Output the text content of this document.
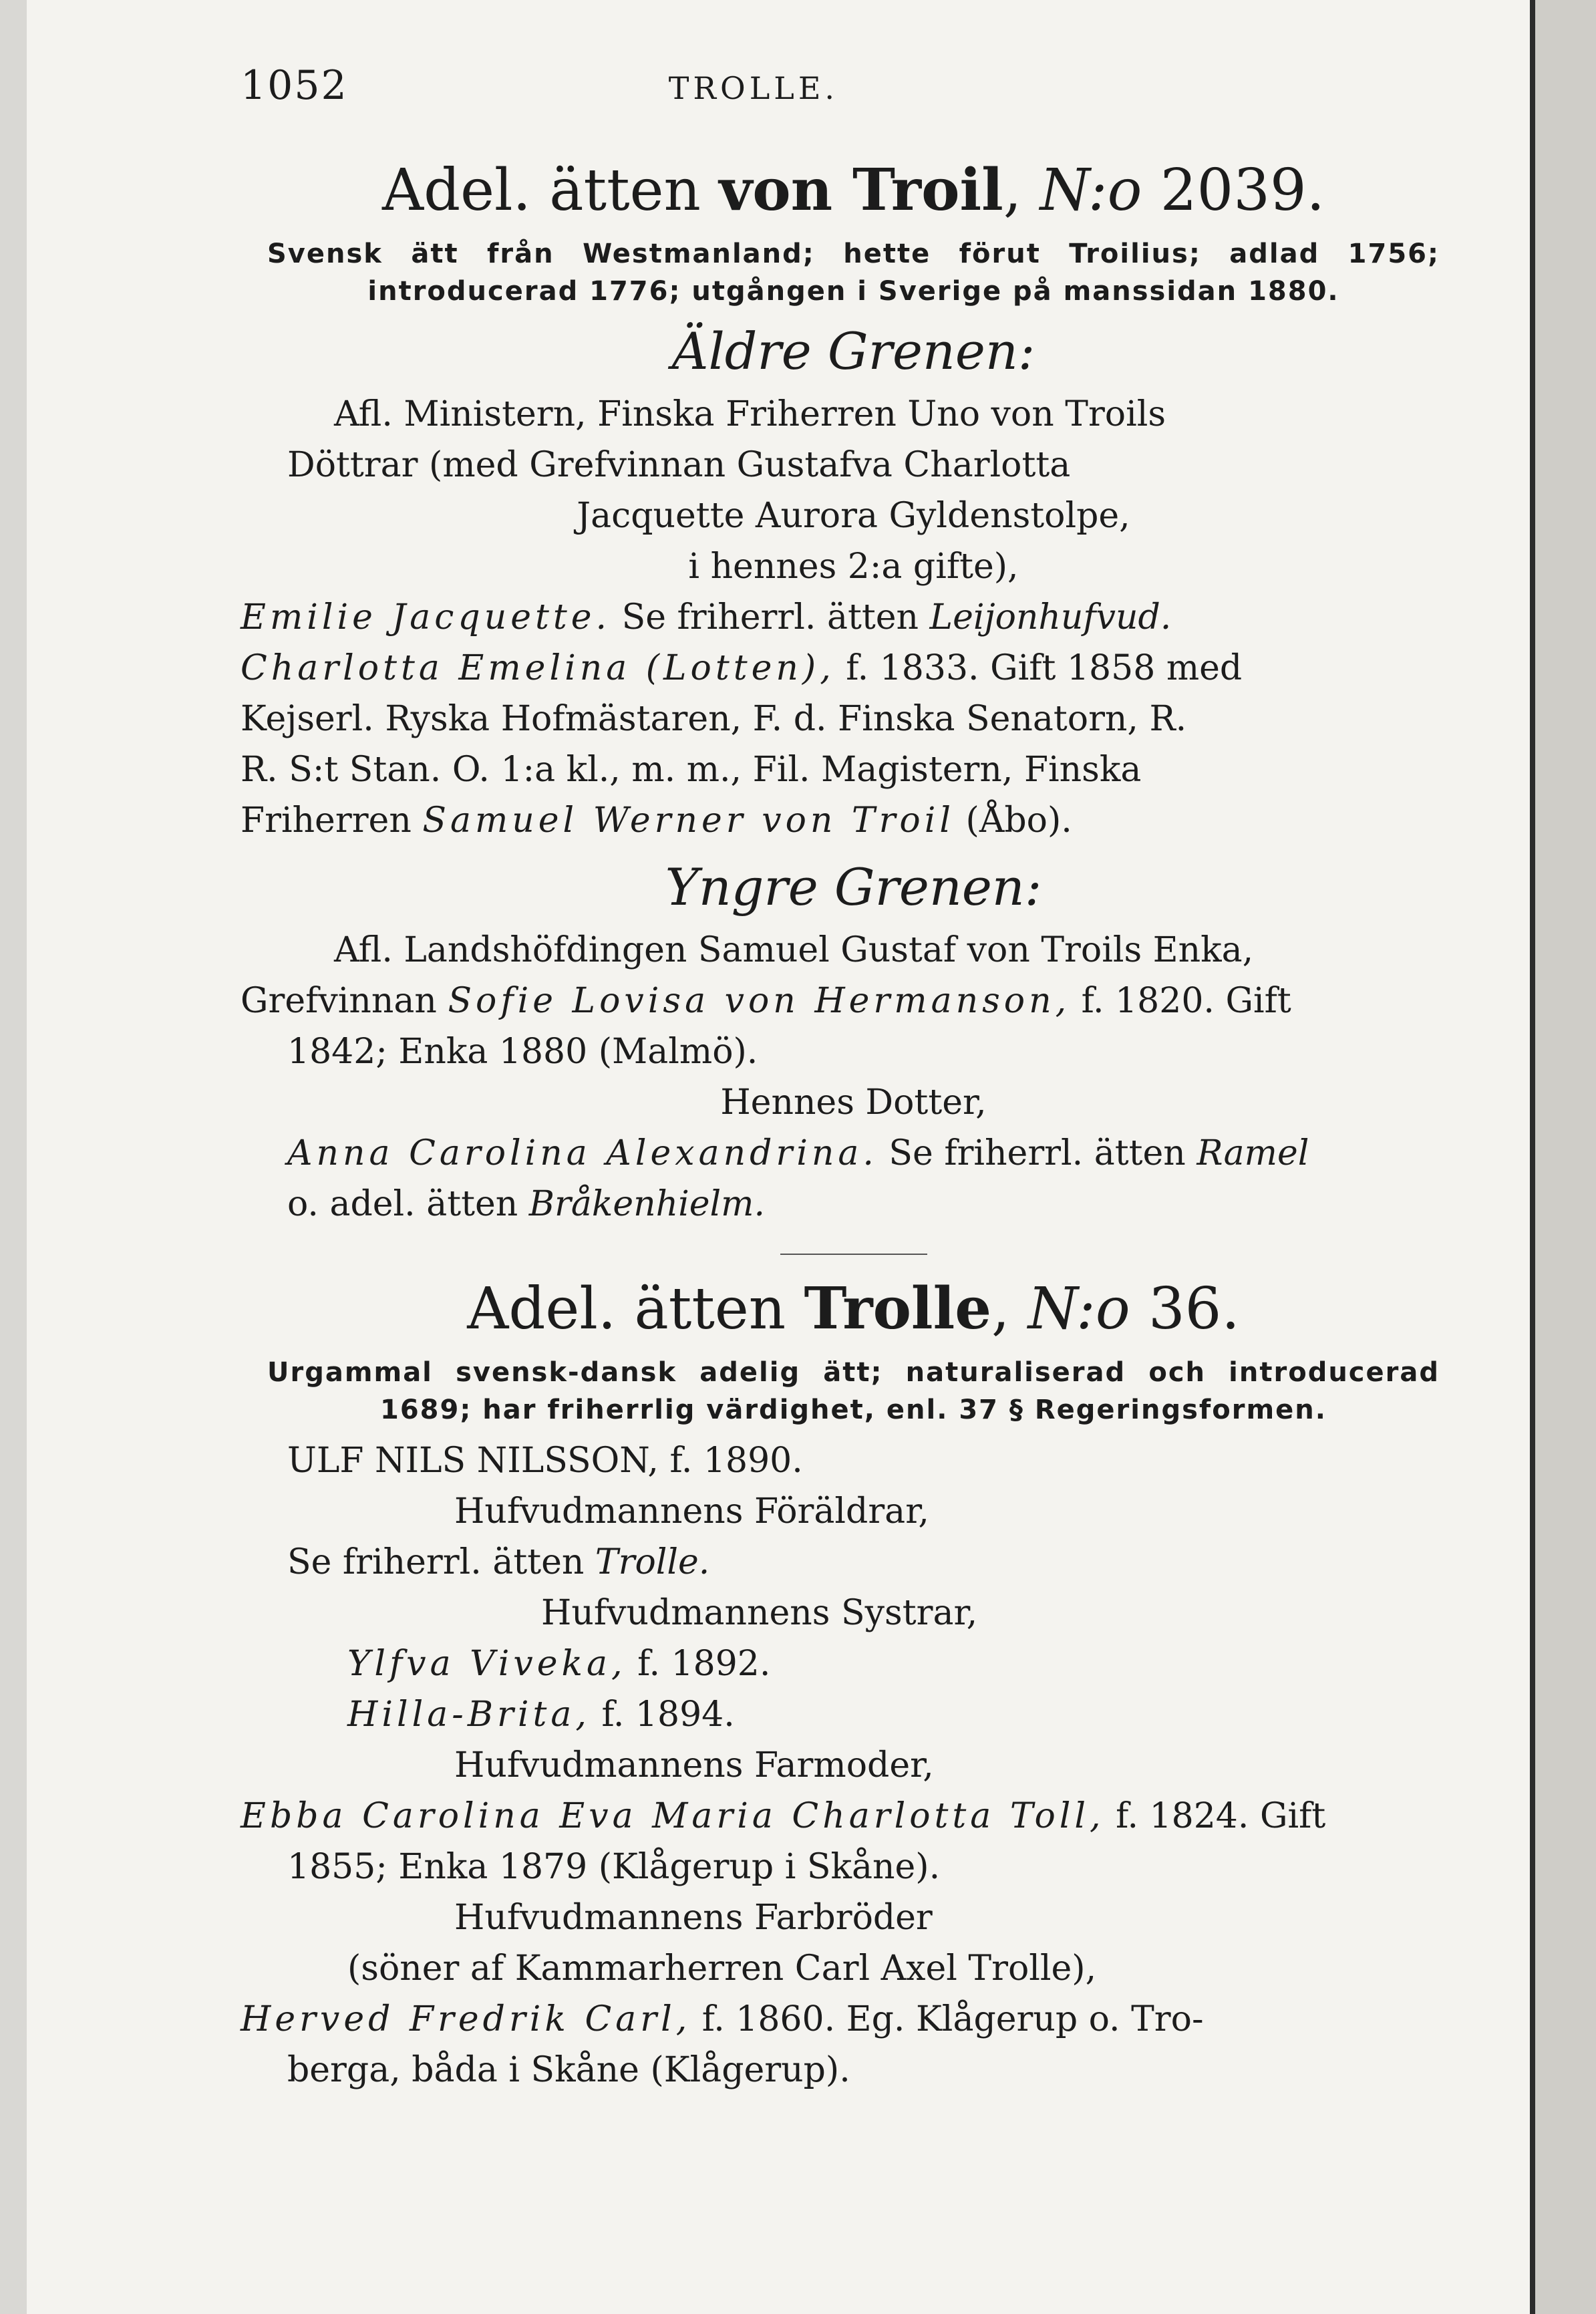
1052	TROLLE.
Adel. ätten von Troil, N:o 2039.
Svensk ätt från Westmanland; hette förut Troilius; adlad 1756; introducerad 1776; utgången i Sverige på manssidan 1880.
Äldre Grenen:
Afl. Ministern, Finska Friherren Uno von Troils
Döttrar (med Grefvinnan Gustafva Charlotta
Jacquette Aurora Gyldenstolpe,
i hennes 2:a gifte),
Emilie Jacquette. Se friherrl. ätten Leijonhufvud.
Charlotta Emelina (Lotten), f. 1833. Gift 1858 med
Kejserl. Ryska Hofmästaren, F. d. Finska Senatorn, R.
R. S:t Stan. O. 1:a kl., m. m., Fil. Magistern, Finska
Friherren Samuel Werner von Troil (Åbo).
Yngre Grenen:
Afl. Landshöfdingen Samuel Gustaf von Troils Enka,
Grefvinnan Sofie Lovisa von Hermanson, f. 1820. Gift
1842; Enka 1880 (Malmö).
Hennes Dotter,
Anna Carolina Alexandrina. Se friherrl. ätten Ramel
o. adel. ätten Bråkenhielm.
Adel. ätten Trolle, N:o 36.
Urgammal svensk-dansk adelig ätt; naturaliserad och introducerad 1689; har friherrlig värdighet, enl. 37 § Regeringsformen.
ULF NILS NILSSON, f. 1890.
Hufvudmannens Föräldrar,
Se friherrl. ätten Trolle.
Hufvudmannens Systrar,
Ylfva Viveka, f. 1892.
Hilla-Brita, f. 1894.
Hufvudmannens Farmoder,
Ebba Carolina Eva Maria Charlotta Toll, f. 1824. Gift
1855; Enka 1879 (Klågerup i Skåne).
Hufvudmannens Farbröder
(söner af Kammarherren Carl Axel Trolle),
Herved Fredrik Carl, f. 1860. Eg. Klågerup o. Tro-
berga, båda i Skåne (Klågerup).
